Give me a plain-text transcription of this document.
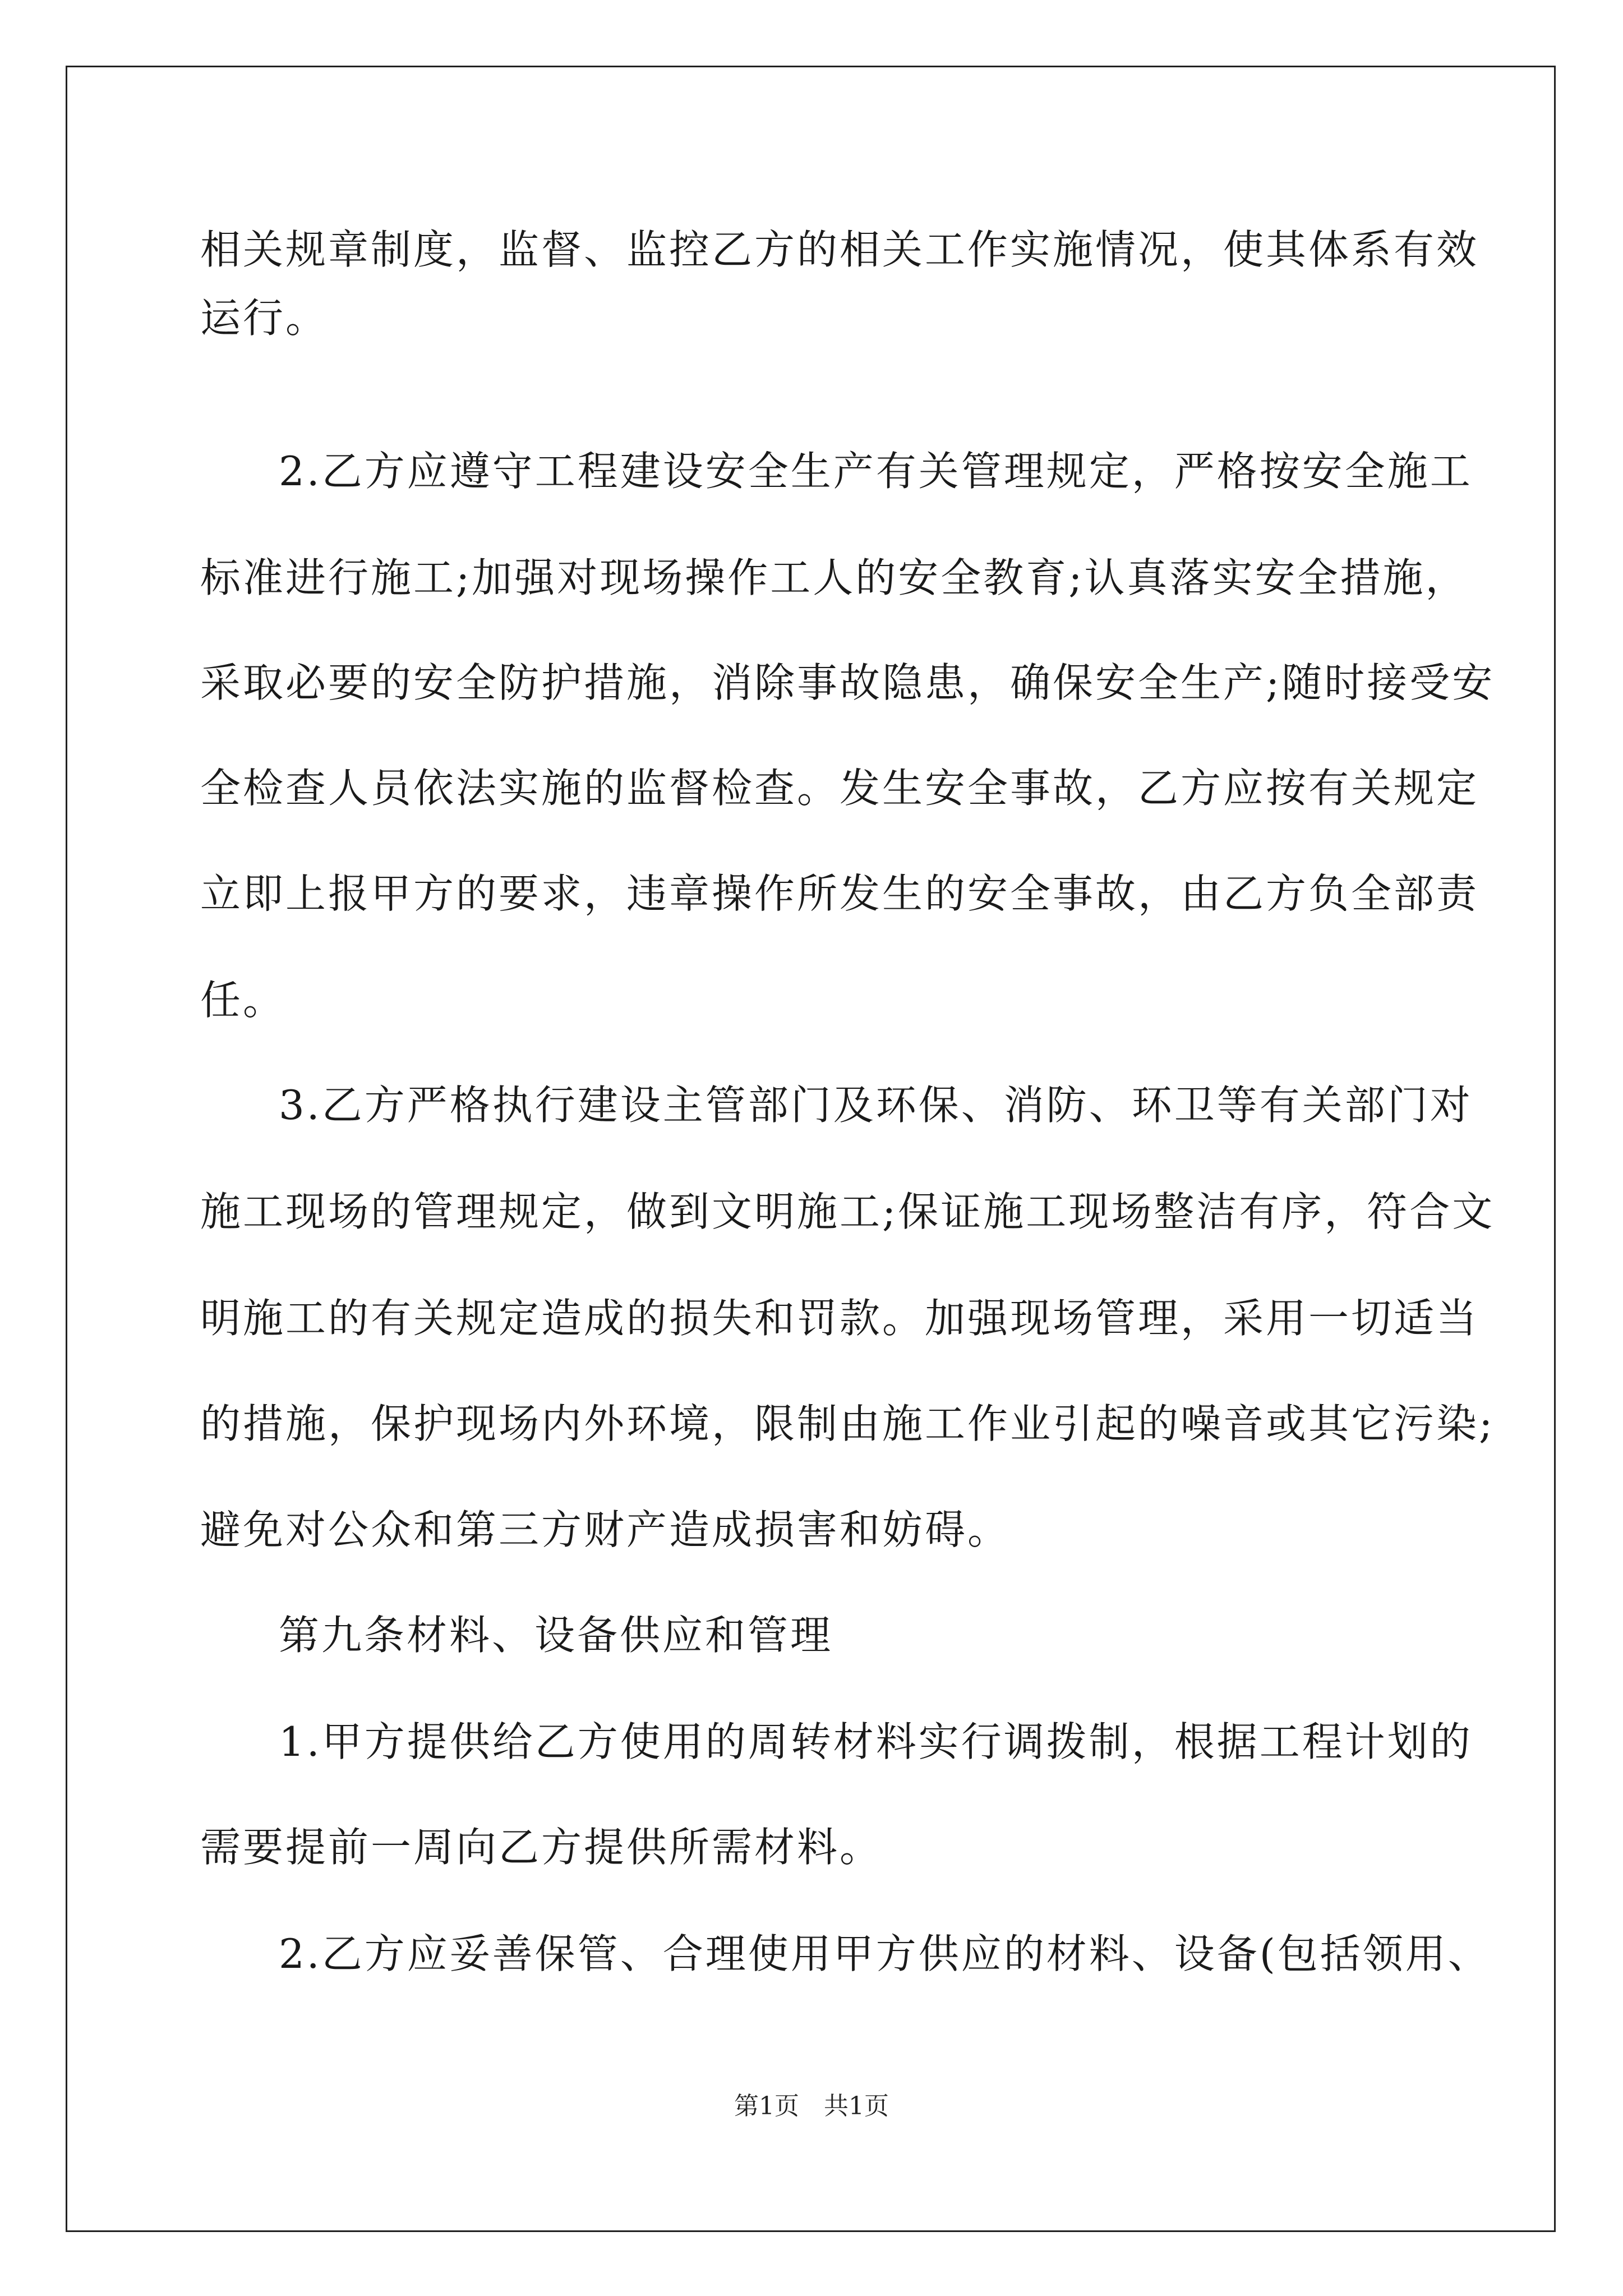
相关规章制度，监督、监控乙方的相关工作实施情况，使其体系有效
运行。
2.乙方应遵守工程建设安全生产有关管理规定，严格按安全施工
标准进行施工;加强对现场操作工人的安全教育;认真落实安全措施，
采取必要的安全防护措施，消除事故隐患，确保安全生产;随时接受安
全检查人员依法实施的监督检查。发生安全事故，乙方应按有关规定
立即上报甲方的要求，违章操作所发生的安全事故，由乙方负全部责
任。
3.乙方严格执行建设主管部门及环保、消防、环卫等有关部门对
施工现场的管理规定，做到文明施工;保证施工现场整洁有序，符合文
明施工的有关规定造成的损失和罚款。加强现场管理，采用一切适当
的措施，保护现场内外环境，限制由施工作业引起的噪音或其它污染;
避免对公众和第三方财产造成损害和妨碍。
第九条材料、设备供应和管理
1.甲方提供给乙方使用的周转材料实行调拨制，根据工程计划的
需要提前一周向乙方提供所需材料。
2.乙方应妥善保管、合理使用甲方供应的材料、设备(包括领用、
第1页　共1页
